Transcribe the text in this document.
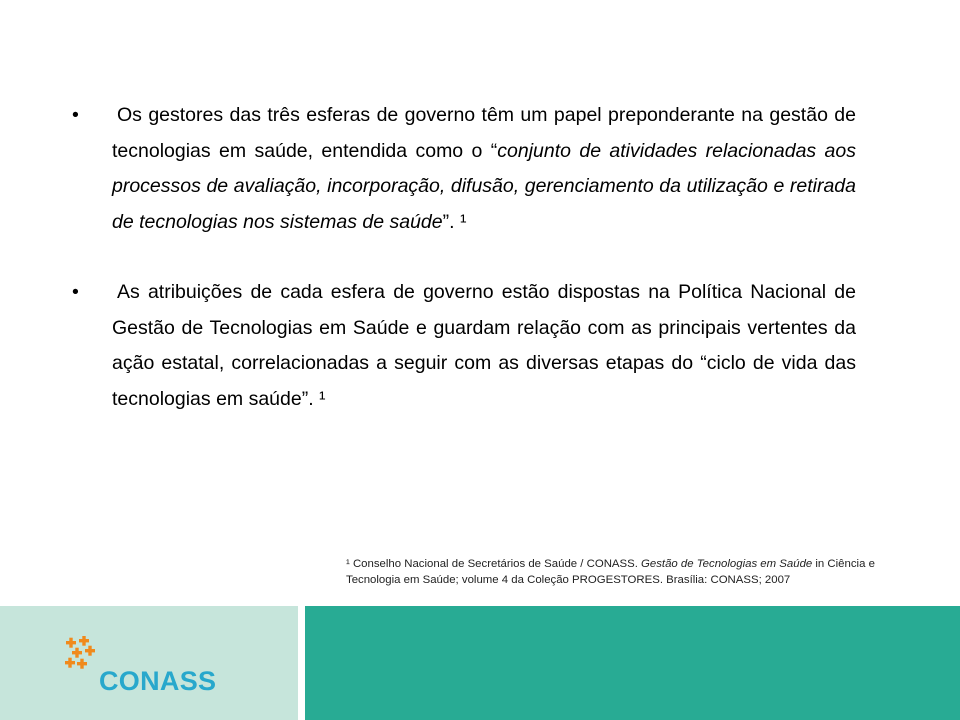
• Os gestores das três esferas de governo têm um papel preponderante na gestão de tecnologias em saúde, entendida como o “conjunto de atividades relacionadas aos processos de avaliação, incorporação, difusão, gerenciamento da utilização e retirada de tecnologias nos sistemas de saúde”. ¹
• As atribuições de cada esfera de governo estão dispostas na Política Nacional de Gestão de Tecnologias em Saúde e guardam relação com as principais vertentes da ação estatal, correlacionadas a seguir com as diversas etapas do “ciclo de vida das tecnologias em saúde”. ¹
¹ Conselho Nacional de Secretários de Saúde / CONASS. Gestão de Tecnologias em Saúde in Ciência e Tecnologia em Saúde; volume 4 da Coleção PROGESTORES. Brasília: CONASS; 2007
CONASS
